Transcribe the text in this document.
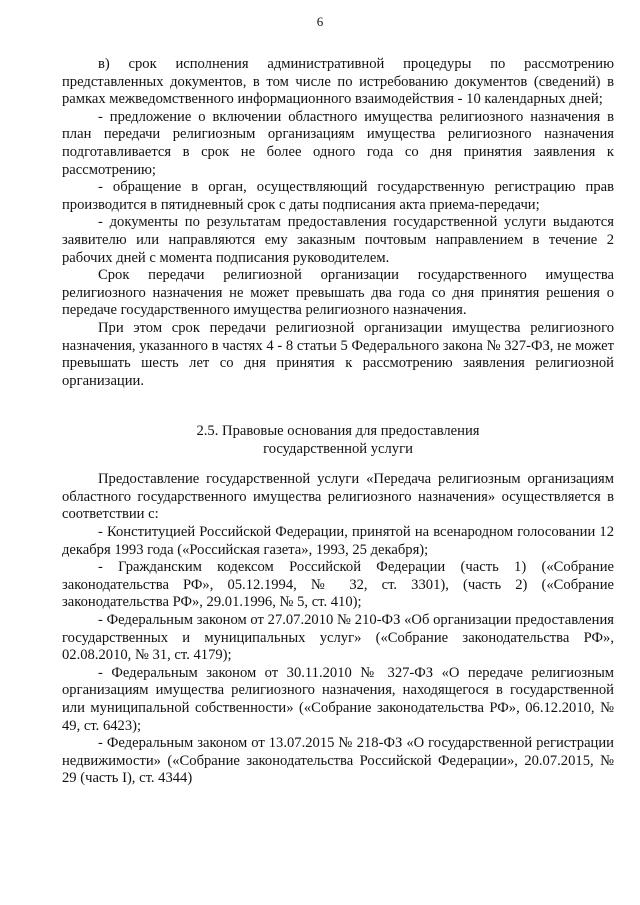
6

в) срок исполнения административной процедуры по рассмотрению представленных документов, в том числе по истребованию документов (сведений) в рамках межведомственного информационного взаимодействия - 10 календарных дней;

- предложение о включении областного имущества религиозного назначения в план передачи религиозным организациям имущества религиозного назначения подготавливается в срок не более одного года со дня принятия заявления к рассмотрению;

- обращение в орган, осуществляющий государственную регистрацию прав производится в пятидневный срок с даты подписания акта приема-передачи;

- документы по результатам предоставления государственной услуги выдаются заявителю или направляются ему заказным почтовым направлением в течение 2 рабочих дней с момента подписания руководителем.

Срок передачи религиозной организации государственного имущества религиозного назначения не может превышать два года со дня принятия решения о передаче государственного имущества религиозного назначения.

При этом срок передачи религиозной организации имущества религиозного назначения, указанного в частях 4 - 8 статьи 5 Федерального закона № 327-ФЗ, не может превышать шесть лет со дня принятия к рассмотрению заявления религиозной организации.

2.5. Правовые основания для предоставления
государственной услуги

Предоставление государственной услуги «Передача религиозным организациям областного государственного имущества религиозного назначения» осуществляется в соответствии с:

- Конституцией Российской Федерации, принятой на всенародном голосовании 12 декабря 1993 года («Российская газета», 1993, 25 декабря);

- Гражданским кодексом Российской Федерации (часть 1) («Собрание законодательства РФ», 05.12.1994, № 32, ст. 3301), (часть 2) («Собрание законодательства РФ», 29.01.1996, № 5, ст. 410);

- Федеральным законом от 27.07.2010 № 210-ФЗ «Об организации предоставления государственных и муниципальных услуг» («Собрание законодательства РФ», 02.08.2010, № 31, ст. 4179);

- Федеральным законом от 30.11.2010 № 327-ФЗ «О передаче религиозным организациям имущества религиозного назначения, находящегося в государственной или муниципальной собственности» («Собрание законодательства РФ», 06.12.2010, № 49, ст. 6423);

- Федеральным законом от 13.07.2015 № 218-ФЗ «О государственной регистрации недвижимости» («Собрание законодательства Российской Федерации», 20.07.2015, № 29 (часть I), ст. 4344)
